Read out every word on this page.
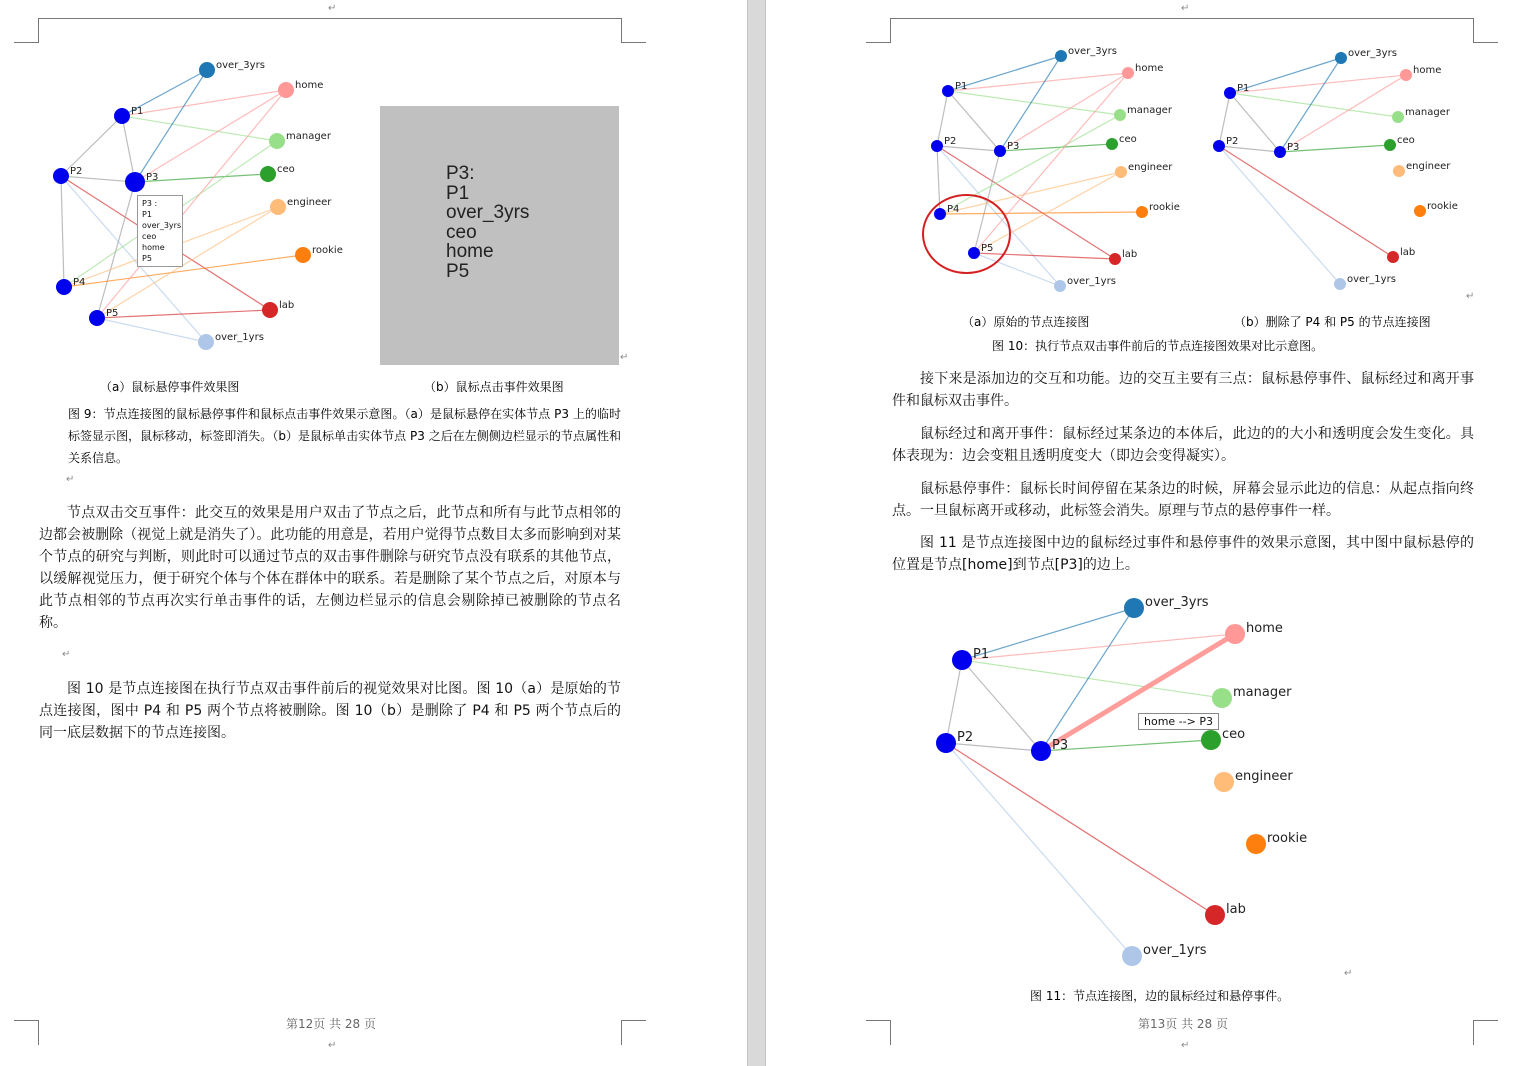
↵
over_3yrs
home
P1
manager
P2
P3
ceo
engineer
rookie
P4
lab
P5
over_1yrs
P3 :
P1
over_3yrs
ceo
home
P5
P3:
P1
over_3yrs
ceo
home
P5
↵
（a）鼠标悬停事件效果图	（b）鼠标点击事件效果图
图 9：节点连接图的鼠标悬停事件和鼠标点击事件效果示意图。（a）是鼠标悬停在实体节点 P3 上的临时标签显示图，鼠标移动，标签即消失。（b）是鼠标单击实体节点 P3 之后在左侧侧边栏显示的节点属性和关系信息。
↵

节点双击交互事件：此交互的效果是用户双击了节点之后，此节点和所有与此节点相邻的边都会被删除（视觉上就是消失了）。此功能的用意是，若用户觉得节点数目太多而影响到对某个节点的研究与判断，则此时可以通过节点的双击事件删除与研究节点没有联系的其他节点，以缓解视觉压力，便于研究个体与个体在群体中的联系。若是删除了某个节点之后，对原本与此节点相邻的节点再次实行单击事件的话，左侧边栏显示的信息会剔除掉已被删除的节点名称。

↵

图 10 是节点连接图在执行节点双击事件前后的视觉效果对比图。图 10（a）是原始的节点连接图，图中 P4 和 P5 两个节点将被删除。图 10（b）是删除了 P4 和 P5 两个节点后的同一底层数据下的节点连接图。

第12页 共 28 页
↵
↵
over_3yrs
home
P1
manager
P2	P3
ceo
engineer
rookie
P4
lab
P5
over_1yrs
over_3yrs
home
P1
manager
P2
P3
ceo
engineer
rookie
lab
over_1yrs
↵
（a）原始的节点连接图	（b）删除了 P4 和 P5 的节点连接图
图 10：执行节点双击事件前后的节点连接图效果对比示意图。

接下来是添加边的交互和功能。边的交互主要有三点：鼠标悬停事件、鼠标经过和离开事件和鼠标双击事件。

鼠标经过和离开事件：鼠标经过某条边的本体后，此边的的大小和透明度会发生变化。具体表现为：边会变粗且透明度变大（即边会变得凝实）。

鼠标悬停事件：鼠标长时间停留在某条边的时候，屏幕会显示此边的信息：从起点指向终点。一旦鼠标离开或移动，此标签会消失。原理与节点的悬停事件一样。

图 11 是节点连接图中边的鼠标经过事件和悬停事件的效果示意图，其中图中鼠标悬停的位置是节点[home]到节点[P3]的边上。

over_3yrs
home
P1
manager
P2
P3
ceo
engineer
rookie
lab
over_1yrs
home --> P3
↵
图 11：节点连接图，边的鼠标经过和悬停事件。
第13页 共 28 页
↵
